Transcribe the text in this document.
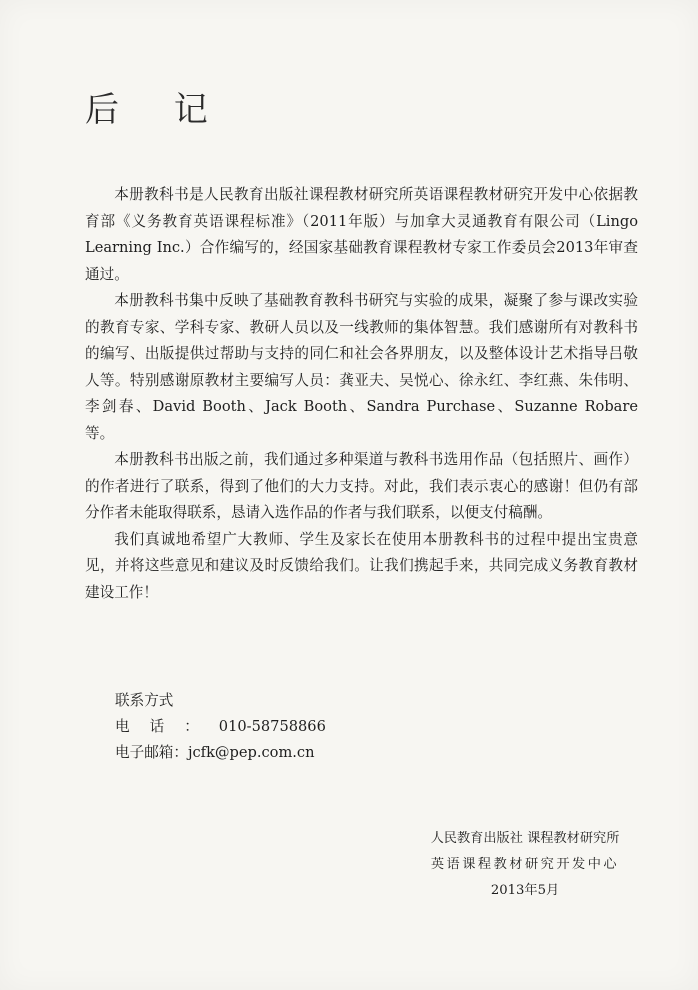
后 记

本册教科书是人民教育出版社课程教材研究所英语课程教材研究开发中心依据教育部《义务教育英语课程标准》（2011年版）与加拿大灵通教育有限公司（Lingo Learning Inc.）合作编写的，经国家基础教育课程教材专家工作委员会2013年审查通过。

本册教科书集中反映了基础教育教科书研究与实验的成果，凝聚了参与课改实验的教育专家、学科专家、教研人员以及一线教师的集体智慧。我们感谢所有对教科书的编写、出版提供过帮助与支持的同仁和社会各界朋友，以及整体设计艺术指导吕敬人等。特别感谢原教材主要编写人员：龚亚夫、吴悦心、徐永红、李红燕、朱伟明、李剑春、David Booth、Jack Booth、Sandra Purchase、Suzanne Robare 等。

本册教科书出版之前，我们通过多种渠道与教科书选用作品（包括照片、画作）的作者进行了联系，得到了他们的大力支持。对此，我们表示衷心的感谢！但仍有部分作者未能取得联系，恳请入选作品的作者与我们联系，以便支付稿酬。

我们真诚地希望广大教师、学生及家长在使用本册教科书的过程中提出宝贵意见，并将这些意见和建议及时反馈给我们。让我们携起手来，共同完成义务教育教材建设工作！

联系方式
电话：010-58758866
电子邮箱：jcfk@pep.com.cn
人民教育出版社 课程教材研究所
英语课程教材研究开发中心
2013年5月
